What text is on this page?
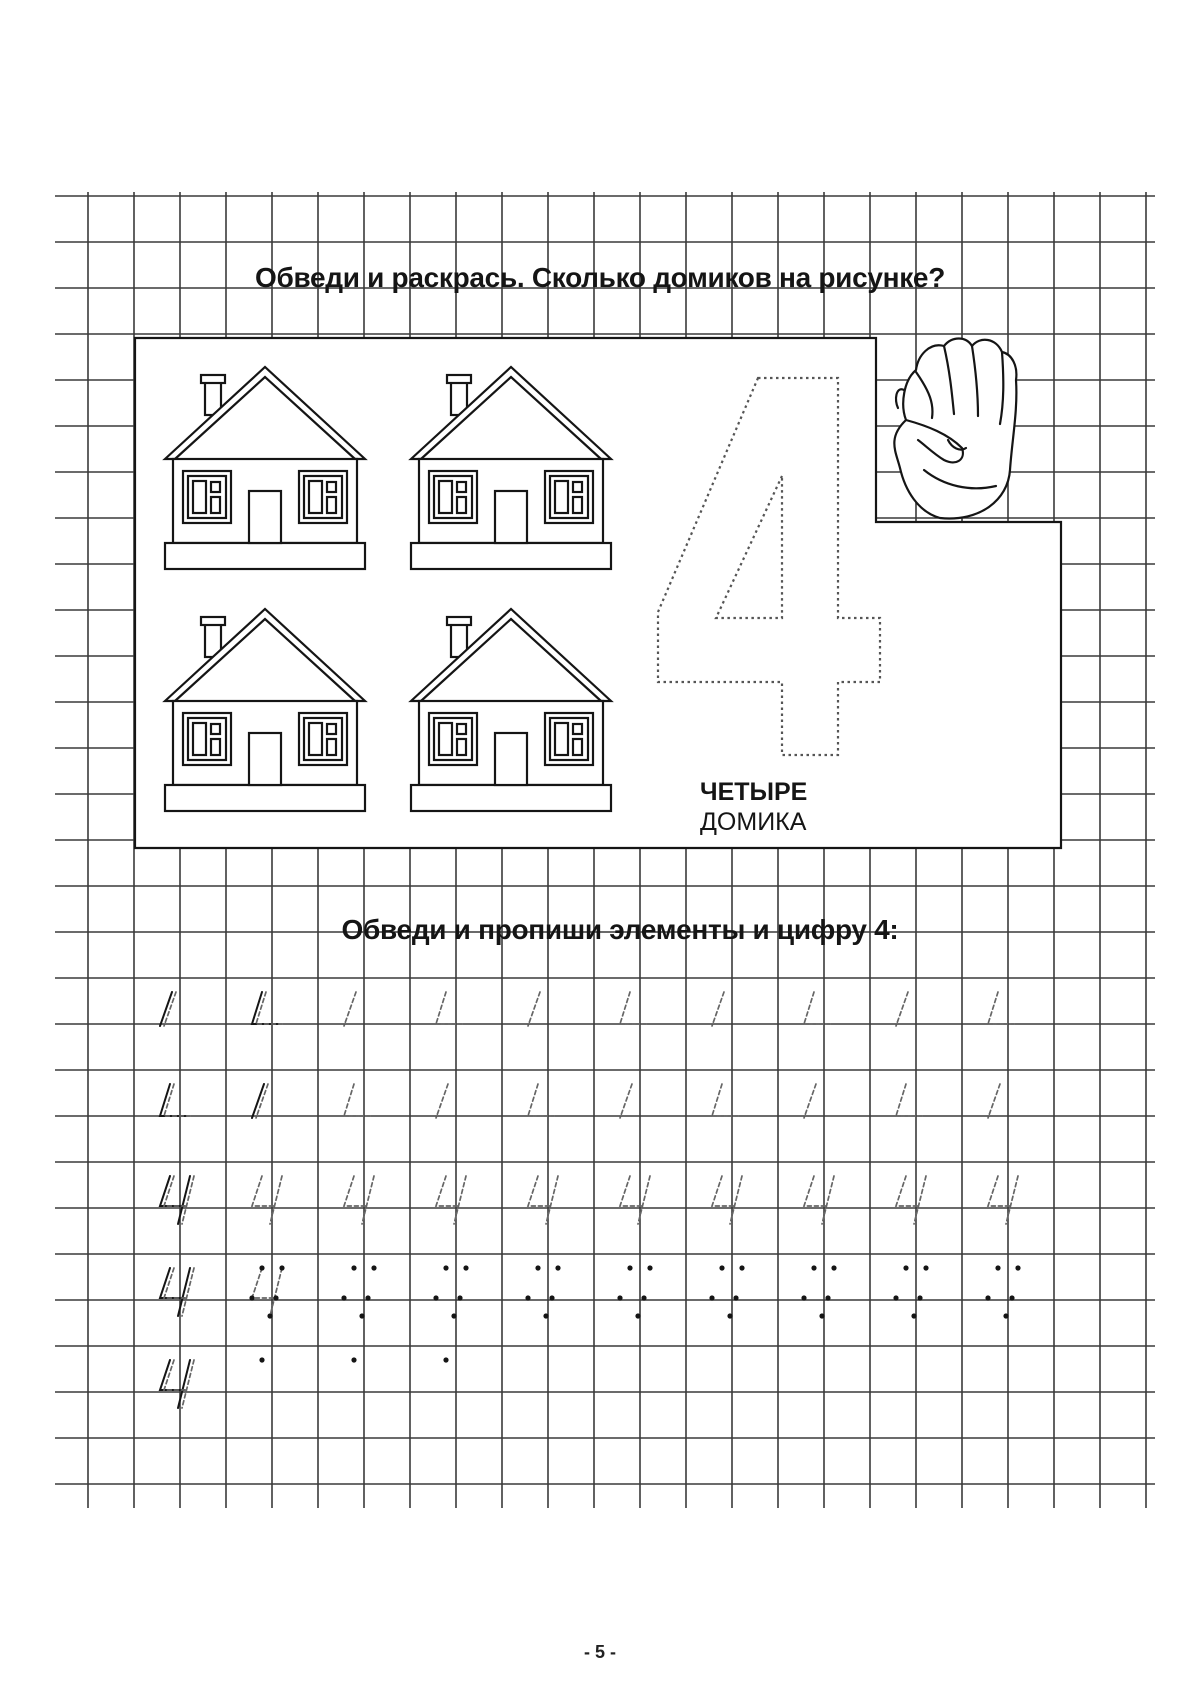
Обведи и раскрась. Сколько домиков на рисунке?
ЧЕТЫРЕ
ДОМИКА
Обведи и пропиши элементы и цифру 4:
- 5 -
